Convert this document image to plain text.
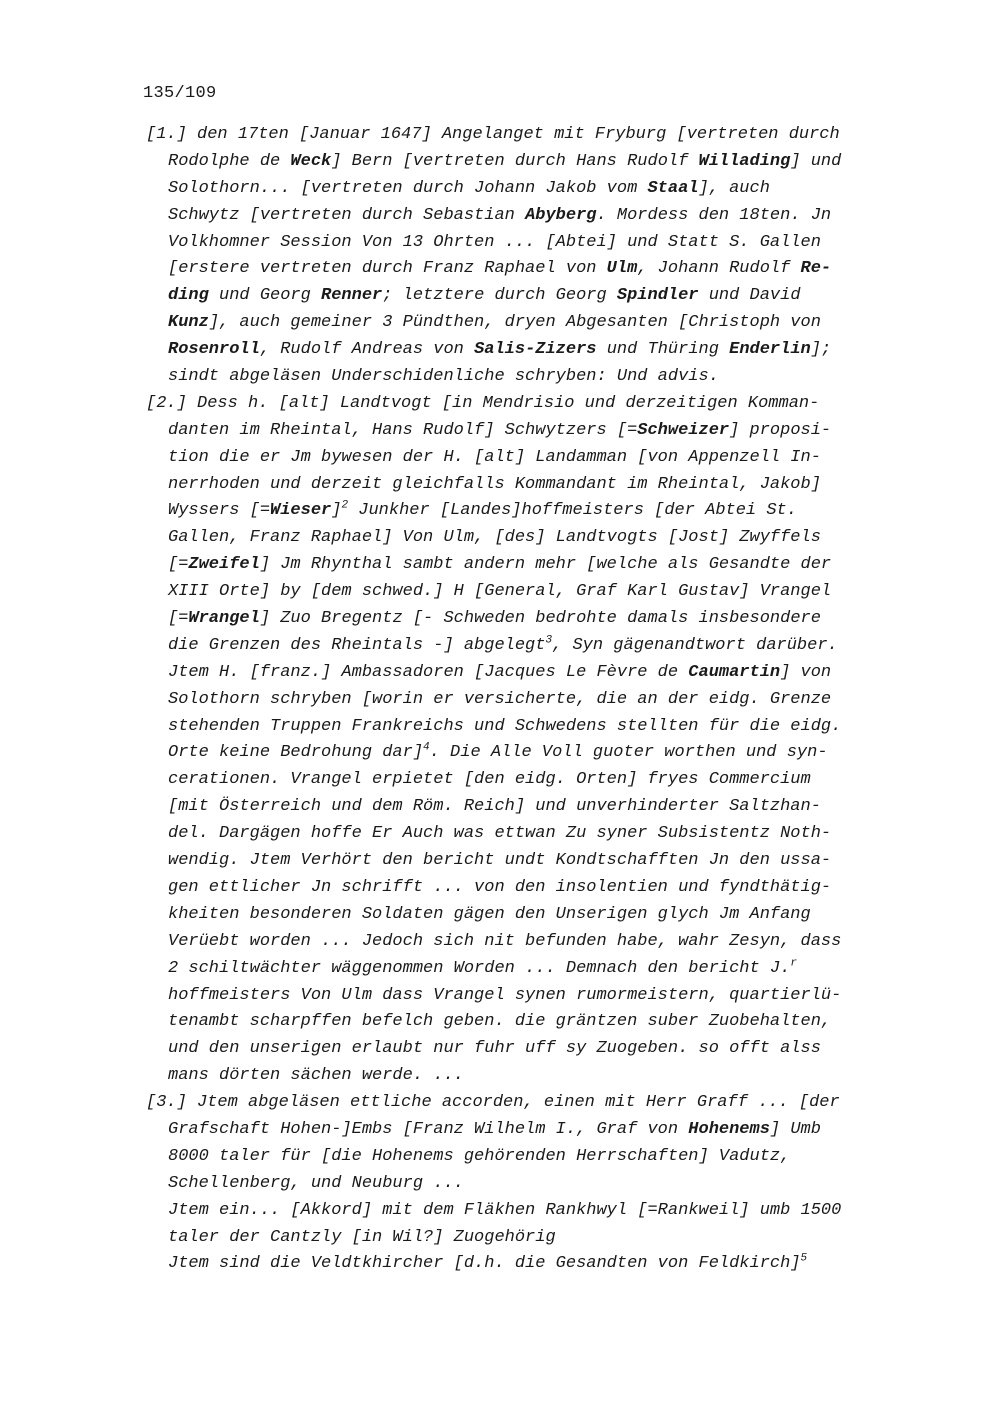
135/109
[1.] den 17ten [Januar 1647] Angelanget mit Fryburg [vertreten durch
Rodolphe de Weck] Bern [vertreten durch Hans Rudolf Willading] und
Solothorn... [vertreten durch Johann Jakob vom Staal], auch
Schwytz [vertreten durch Sebastian Abyberg. Mordess den 18ten. Jn
Volkhomner Session Von 13 Ohrten ... [Abtei] und Statt S. Gallen
[erstere vertreten durch Franz Raphael von Ulm, Johann Rudolf Re-
ding und Georg Renner; letztere durch Georg Spindler und David
Kunz], auch gemeiner 3 Pündthen, dryen Abgesanten [Christoph von
Rosenroll, Rudolf Andreas von Salis-Zizers und Thüring Enderlin];
sindt abgeläsen Underschidenliche schryben: Und advis.
[2.] Dess h. [alt] Landtvogt [in Mendrisio und derzeitigen Komman-
danten im Rheintal, Hans Rudolf] Schwytzers [=Schweizer] proposi-
tion die er Jm bywesen der H. [alt] Landamman [von Appenzell In-
nerrhoden und derzeit gleichfalls Kommandant im Rheintal, Jakob]
Wyssers [=Wieser]$^2$ Junkher [Landes]hoffmeisters [der Abtei St.
Gallen, Franz Raphael] Von Ulm, [des] Landtvogts [Jost] Zwyffels
[=Zweifel] Jm Rhynthal sambt andern mehr [welche als Gesandte der
XIII Orte] by [dem schwed.] H [General, Graf Karl Gustav] Vrangel
[=Wrangel] Zuo Bregentz [- Schweden bedrohte damals insbesondere
die Grenzen des Rheintals -] abgelegt$^3$, Syn gägenandtwort darüber.
Jtem H. [franz.] Ambassadoren [Jacques Le Fèvre de Caumartin] von
Solothorn schryben [worin er versicherte, die an der eidg. Grenze
stehenden Truppen Frankreichs und Schwedens stellten für die eidg.
Orte keine Bedrohung dar]$^4$. Die Alle Voll guoter worthen und syn-
cerationen. Vrangel erpietet [den eidg. Orten] fryes Commercium
[mit Österreich und dem Röm. Reich] und unverhinderter Saltzhan-
del. Dargägen hoffe Er Auch was ettwan Zu syner Subsistentz Noth-
wendig. Jtem Verhört den bericht undt Kondtschafften Jn den ussa-
gen ettlicher Jn schrifft ... von den insolentien und fyndthätig-
kheiten besonderen Soldaten gägen den Unserigen glych Jm Anfang
Verüebt worden ... Jedoch sich nit befunden habe, wahr Zesyn, dass
2 schiltwächter wäggenommen Worden ... Demnach den bericht J.$^r$
hoffmeisters Von Ulm dass Vrangel synen rumormeistern, quartierlü-
tenambt scharpffen befelch geben. die gräntzen suber Zuobehalten,
und den unserigen erlaubt nur fuhr uff sy Zuogeben. so offt alss
mans dörten sächen werde. ...
[3.] Jtem abgeläsen ettliche accorden, einen mit Herr Graff ... [der
Grafschaft Hohen-]Embs [Franz Wilhelm I., Graf von Hohenems] Umb
8000 taler für [die Hohenems gehörenden Herrschaften] Vadutz,
Schellenberg, und Neuburg ...
Jtem ein... [Akkord] mit dem Fläkhen Rankhwyl [=Rankweil] umb 1500
taler der Cantzly [in Wil?] Zuogehörig
Jtem sind die Veldtkhircher [d.h. die Gesandten von Feldkirch]$^5$
